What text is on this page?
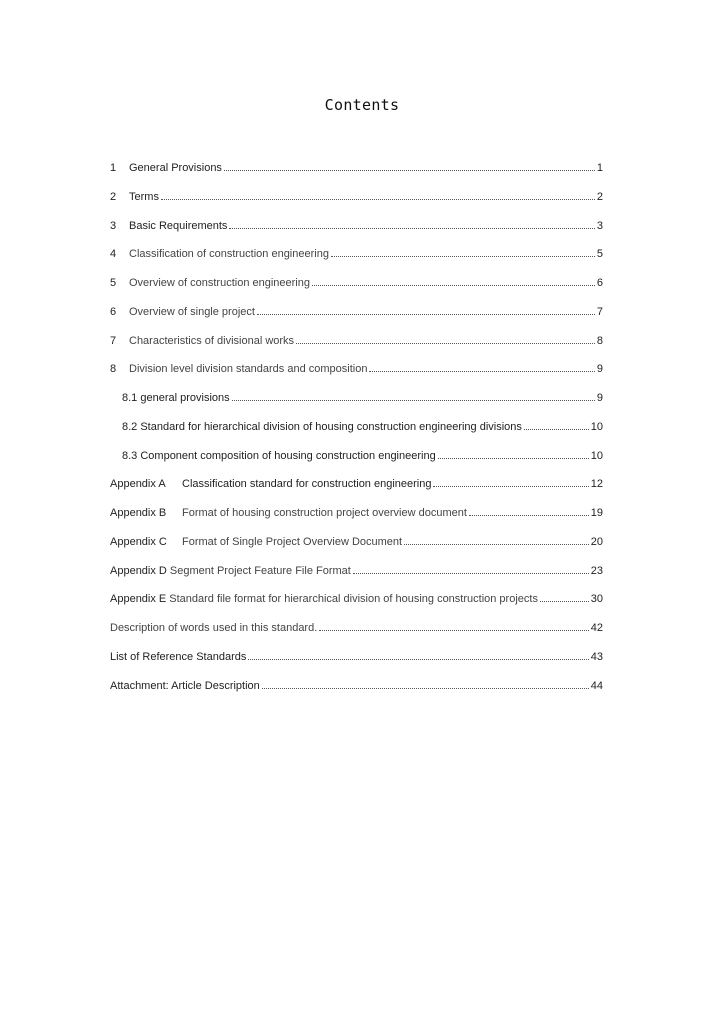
Contents
1	General Provisions	1
2	Terms	2
3	Basic Requirements	3
4	Classification of construction engineering	5
5	Overview of construction engineering	6
6	Overview of single project	7
7	Characteristics of divisional works	8
8	Division level division standards and composition	9
8.1 general provisions	9
8.2 Standard for hierarchical division of housing construction engineering divisions	10
8.3 Component composition of housing construction engineering	10
Appendix A	Classification standard for construction engineering	12
Appendix B	Format of housing construction project overview document	19
Appendix C	Format of Single Project Overview Document	20
Appendix D Segment Project Feature File Format	23
Appendix E Standard file format for hierarchical division of housing construction projects	30
Description of words used in this standard.	42
List of Reference Standards	43
Attachment: Article Description	44
